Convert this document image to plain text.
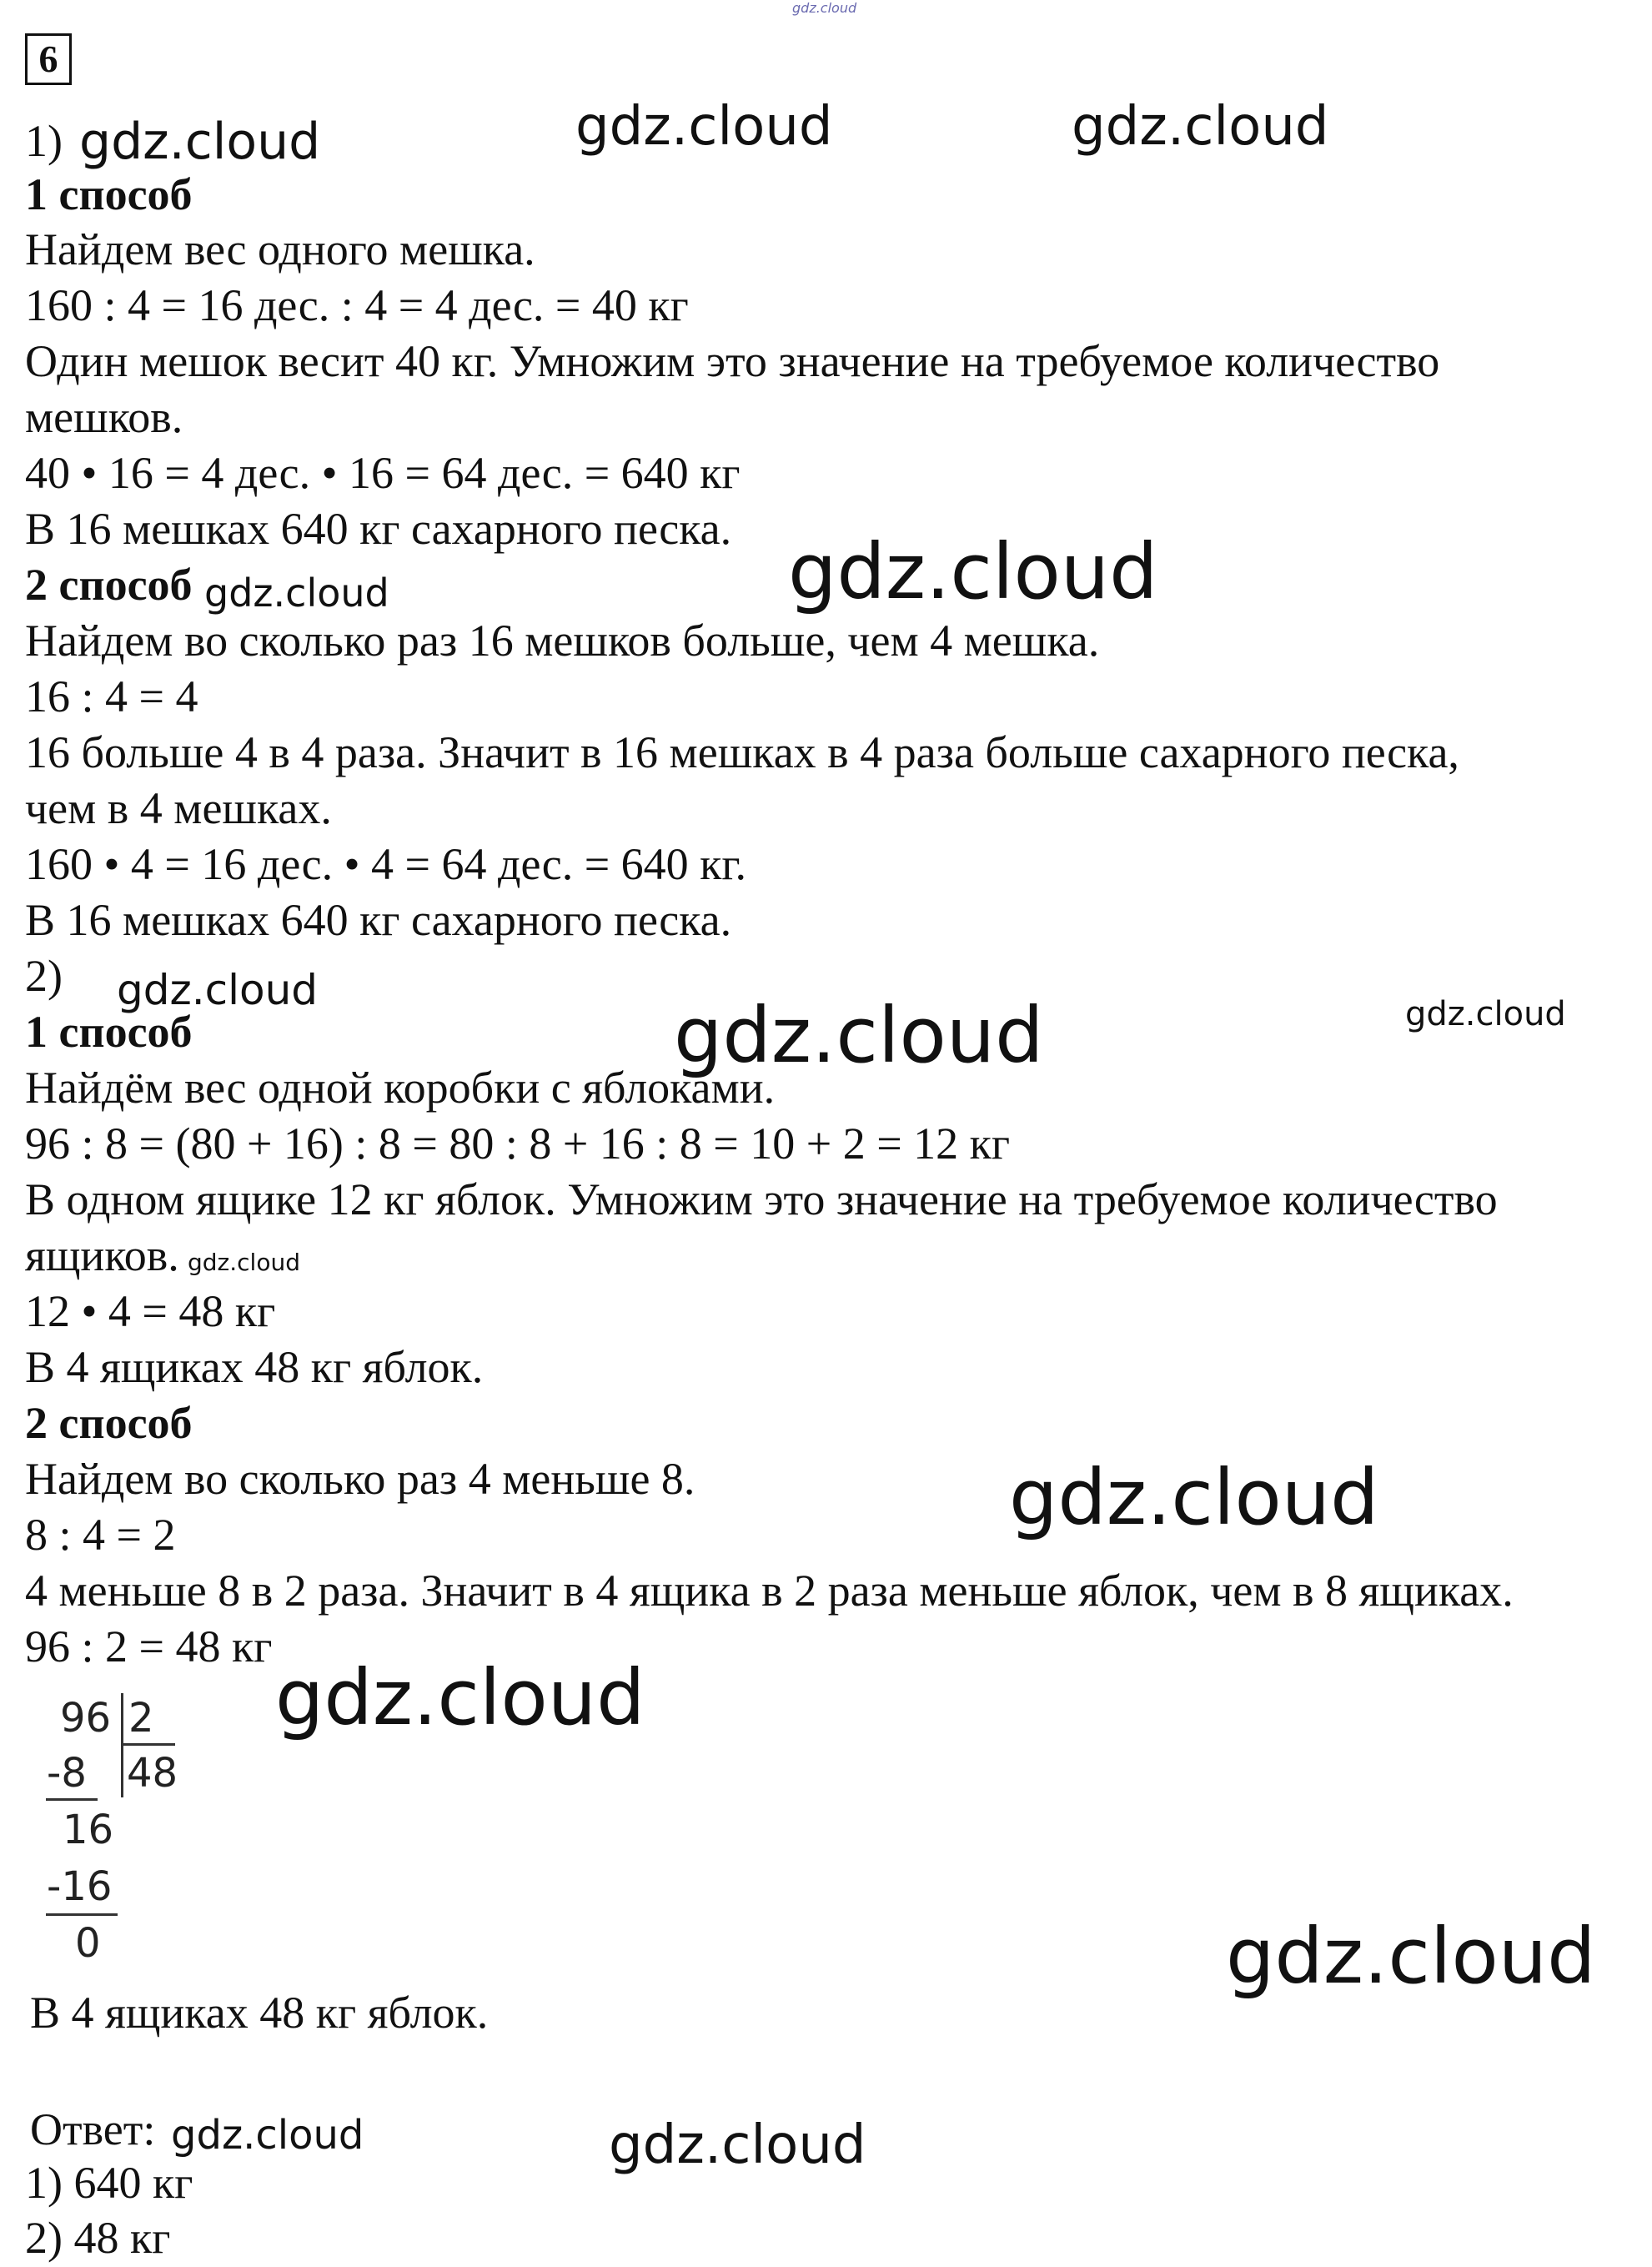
gdz.cloud
6

1)

1 способ

Найдем вес одного мешка.

160 : 4 = 16 дес. : 4 = 4 дес. = 40 кг

Один мешок весит 40 кг. Умножим это значение на требуемое количество

мешков.

40 • 16 = 4 дес. • 16 = 64 дес. = 640 кг

В 16 мешках 640 кг сахарного песка.

2 способ

Найдем во сколько раз 16 мешков больше, чем 4 мешка.

16 : 4 = 4

16 больше 4 в 4 раза. Значит в 16 мешках в 4 раза больше сахарного песка,

чем в 4 мешках.

160 • 4 = 16 дес. • 4 = 64 дес. = 640 кг.

В 16 мешках 640 кг сахарного песка.

2)

1 способ

Найдём вес одной коробки с яблоками.

96 : 8 = (80 + 16) : 8 = 80 : 8 + 16 : 8 = 10 + 2 = 12 кг

В одном ящике 12 кг яблок. Умножим это значение на требуемое количество

ящиков.

12 • 4 = 48 кг

В 4 ящиках 48 кг яблок.

2 способ

Найдем во сколько раз 4 меньше 8.

8 : 4 = 2

4 меньше 8 в 2 раза. Значит в 4 ящика в 2 раза меньше яблок, чем в 8 ящиках.

96 : 2 = 48 кг

96 2
-8 48
16
-16
0

В 4 ящиках 48 кг яблок.

Ответ:

1) 640 кг

2) 48 кг

gdz.cloud	gdz.cloud	gdz.cloud
gdz.cloud	gdz.cloud
gdz.cloud
gdz.cloud	gdz.cloud
gdz.cloud
gdz.cloud
gdz.cloud
gdz.cloud
gdz.cloud	gdz.cloud
